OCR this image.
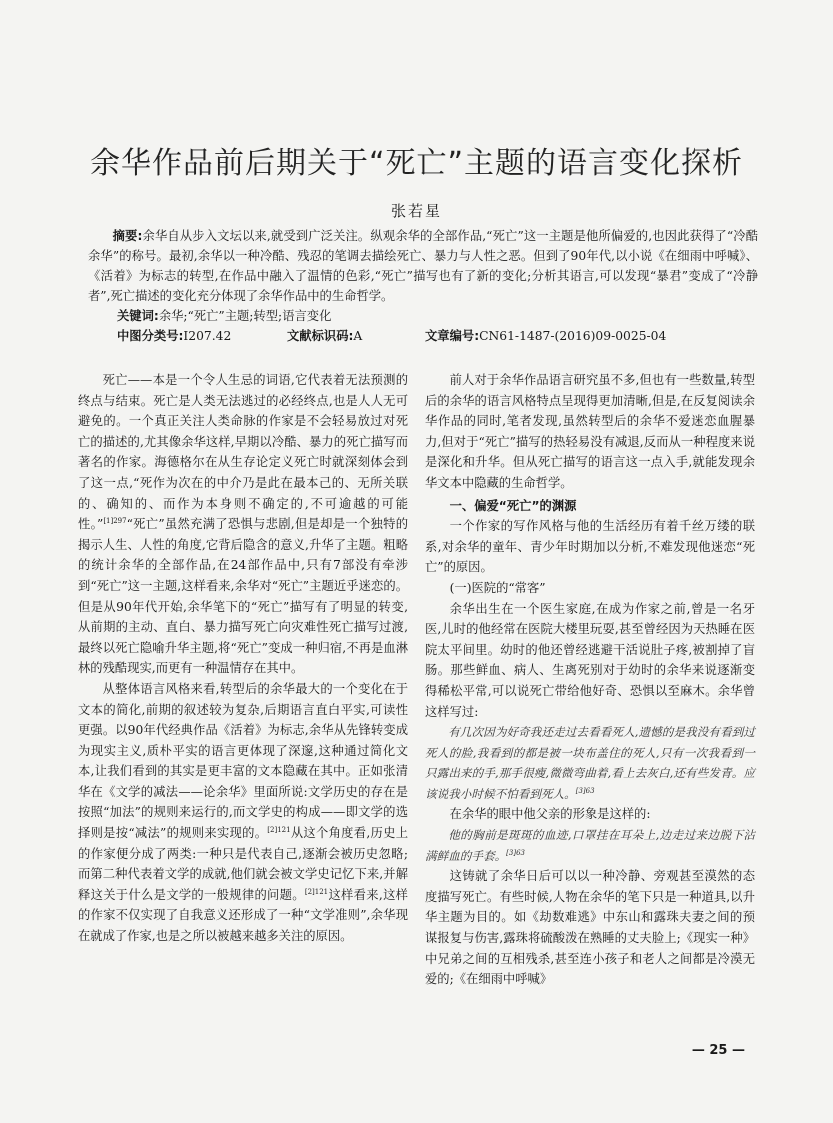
余华作品前后期关于“死亡”主题的语言变化探析
张若星

摘要:余华自从步入文坛以来,就受到广泛关注。纵观余华的全部作品,“死亡”这一主题是他所偏爱的,也因此获得了“冷酷余华”的称号。最初,余华以一种冷酷、残忍的笔调去描绘死亡、暴力与人性之恶。但到了90年代,以小说《在细雨中呼喊》、《活着》为标志的转型,在作品中融入了温情的色彩,“死亡”描写也有了新的变化;分析其语言,可以发现“暴君”变成了“冷静者”,死亡描述的变化充分体现了余华作品中的生命哲学。

关键词:余华;“死亡”主题;转型;语言变化

中图分类号: I207.42	文献标识码: A	文章编号: CN61-1487-(2016)09-0025-04

死亡——本是一个令人生忌的词语,它代表着无法预测的终点与结束。死亡是人类无法逃过的必经终点,也是人人无可避免的。一个真正关注人类命脉的作家是不会轻易放过对死亡的描述的,尤其像余华这样,早期以冷酷、暴力的死亡描写而著名的作家。海德格尔在从生存论定义死亡时就深刻体会到了这一点,“死作为次在的中介乃是此在最本己的、无所关联的、确知的、而作为本身则不确定的,不可逾越的可能性。”$^{[1]297}$“死亡”虽然充满了恐惧与悲剧,但是却是一个独特的揭示人生、人性的角度,它背后隐含的意义,升华了主题。粗略的统计余华的全部作品,在24部作品中,只有7部没有牵涉到“死亡”这一主题,这样看来,余华对“死亡”主题近乎迷恋的。但是从90年代开始,余华笔下的“死亡”描写有了明显的转变,从前期的主动、直白、暴力描写死亡向灾难性死亡描写过渡,最终以死亡隐喻升华主题,将“死亡”变成一种归宿,不再是血淋林的残酷现实,而更有一种温情存在其中。

从整体语言风格来看,转型后的余华最大的一个变化在于文本的简化,前期的叙述较为复杂,后期语言直白平实,可读性更强。以90年代经典作品《活着》为标志,余华从先锋转变成为现实主义,质朴平实的语言更体现了深邃,这种通过简化文本,让我们看到的其实是更丰富的文本隐藏在其中。正如张清华在《文学的减法——论余华》里面所说:文学历史的存在是按照“加法”的规则来运行的,而文学史的构成——即文学的选择则是按“减法”的规则来实现的。$^{[2]121}$从这个角度看,历史上的作家便分成了两类:一种只是代表自己,逐渐会被历史忽略;而第二种代表着文学的成就,他们就会被文学史记忆下来,并解释这关于什么是文学的一般规律的问题。$^{[2]121}$这样看来,这样的作家不仅实现了自我意义还形成了一种“文学准则”,余华现在就成了作家,也是之所以被越来越多关注的原因。

前人对于余华作品语言研究虽不多,但也有一些数量,转型后的余华的语言风格特点呈现得更加清晰,但是,在反复阅读余华作品的同时,笔者发现,虽然转型后的余华不爱迷恋血腥暴力,但对于“死亡”描写的热轻易没有减退,反而从一种程度来说是深化和升华。但从死亡描写的语言这一点入手,就能发现余华文本中隐藏的生命哲学。

一、偏爱“死亡”的渊源

一个作家的写作风格与他的生活经历有着千丝万缕的联系,对余华的童年、青少年时期加以分析,不难发现他迷恋“死亡”的原因。

(一)医院的“常客”

余华出生在一个医生家庭,在成为作家之前,曾是一名牙医,儿时的他经常在医院大楼里玩耍,甚至曾经因为天热睡在医院太平间里。幼时的他还曾经逃避干活说肚子疼,被割掉了盲肠。那些鲜血、病人、生离死别对于幼时的余华来说逐渐变得稀松平常,可以说死亡带给他好奇、恐惧以至麻木。余华曾这样写过:

有几次因为好奇我还走过去看看死人,遗憾的是我没有看到过死人的脸,我看到的都是被一块布盖住的死人,只有一次我看到一只露出来的手,那手很瘦,微微弯曲着,看上去灰白,还有些发青。应该说我小时候不怕看到死人。$^{[3]63}$

在余华的眼中他父亲的形象是这样的:

他的胸前是斑斑的血迹,口罩挂在耳朵上,边走过来边脱下沾满鲜血的手套。$^{[3]63}$

这铸就了余华日后可以以一种冷静、旁观甚至漠然的态度描写死亡。有些时候,人物在余华的笔下只是一种道具,以升华主题为目的。如《劫数难逃》中东山和露珠夫妻之间的预谋报复与伤害,露珠将硫酸泼在熟睡的丈夫脸上;《现实一种》中兄弟之间的互相残杀,甚至连小孩子和老人之间都是冷漠无爱的;《在细雨中呼喊》

— 25 —
